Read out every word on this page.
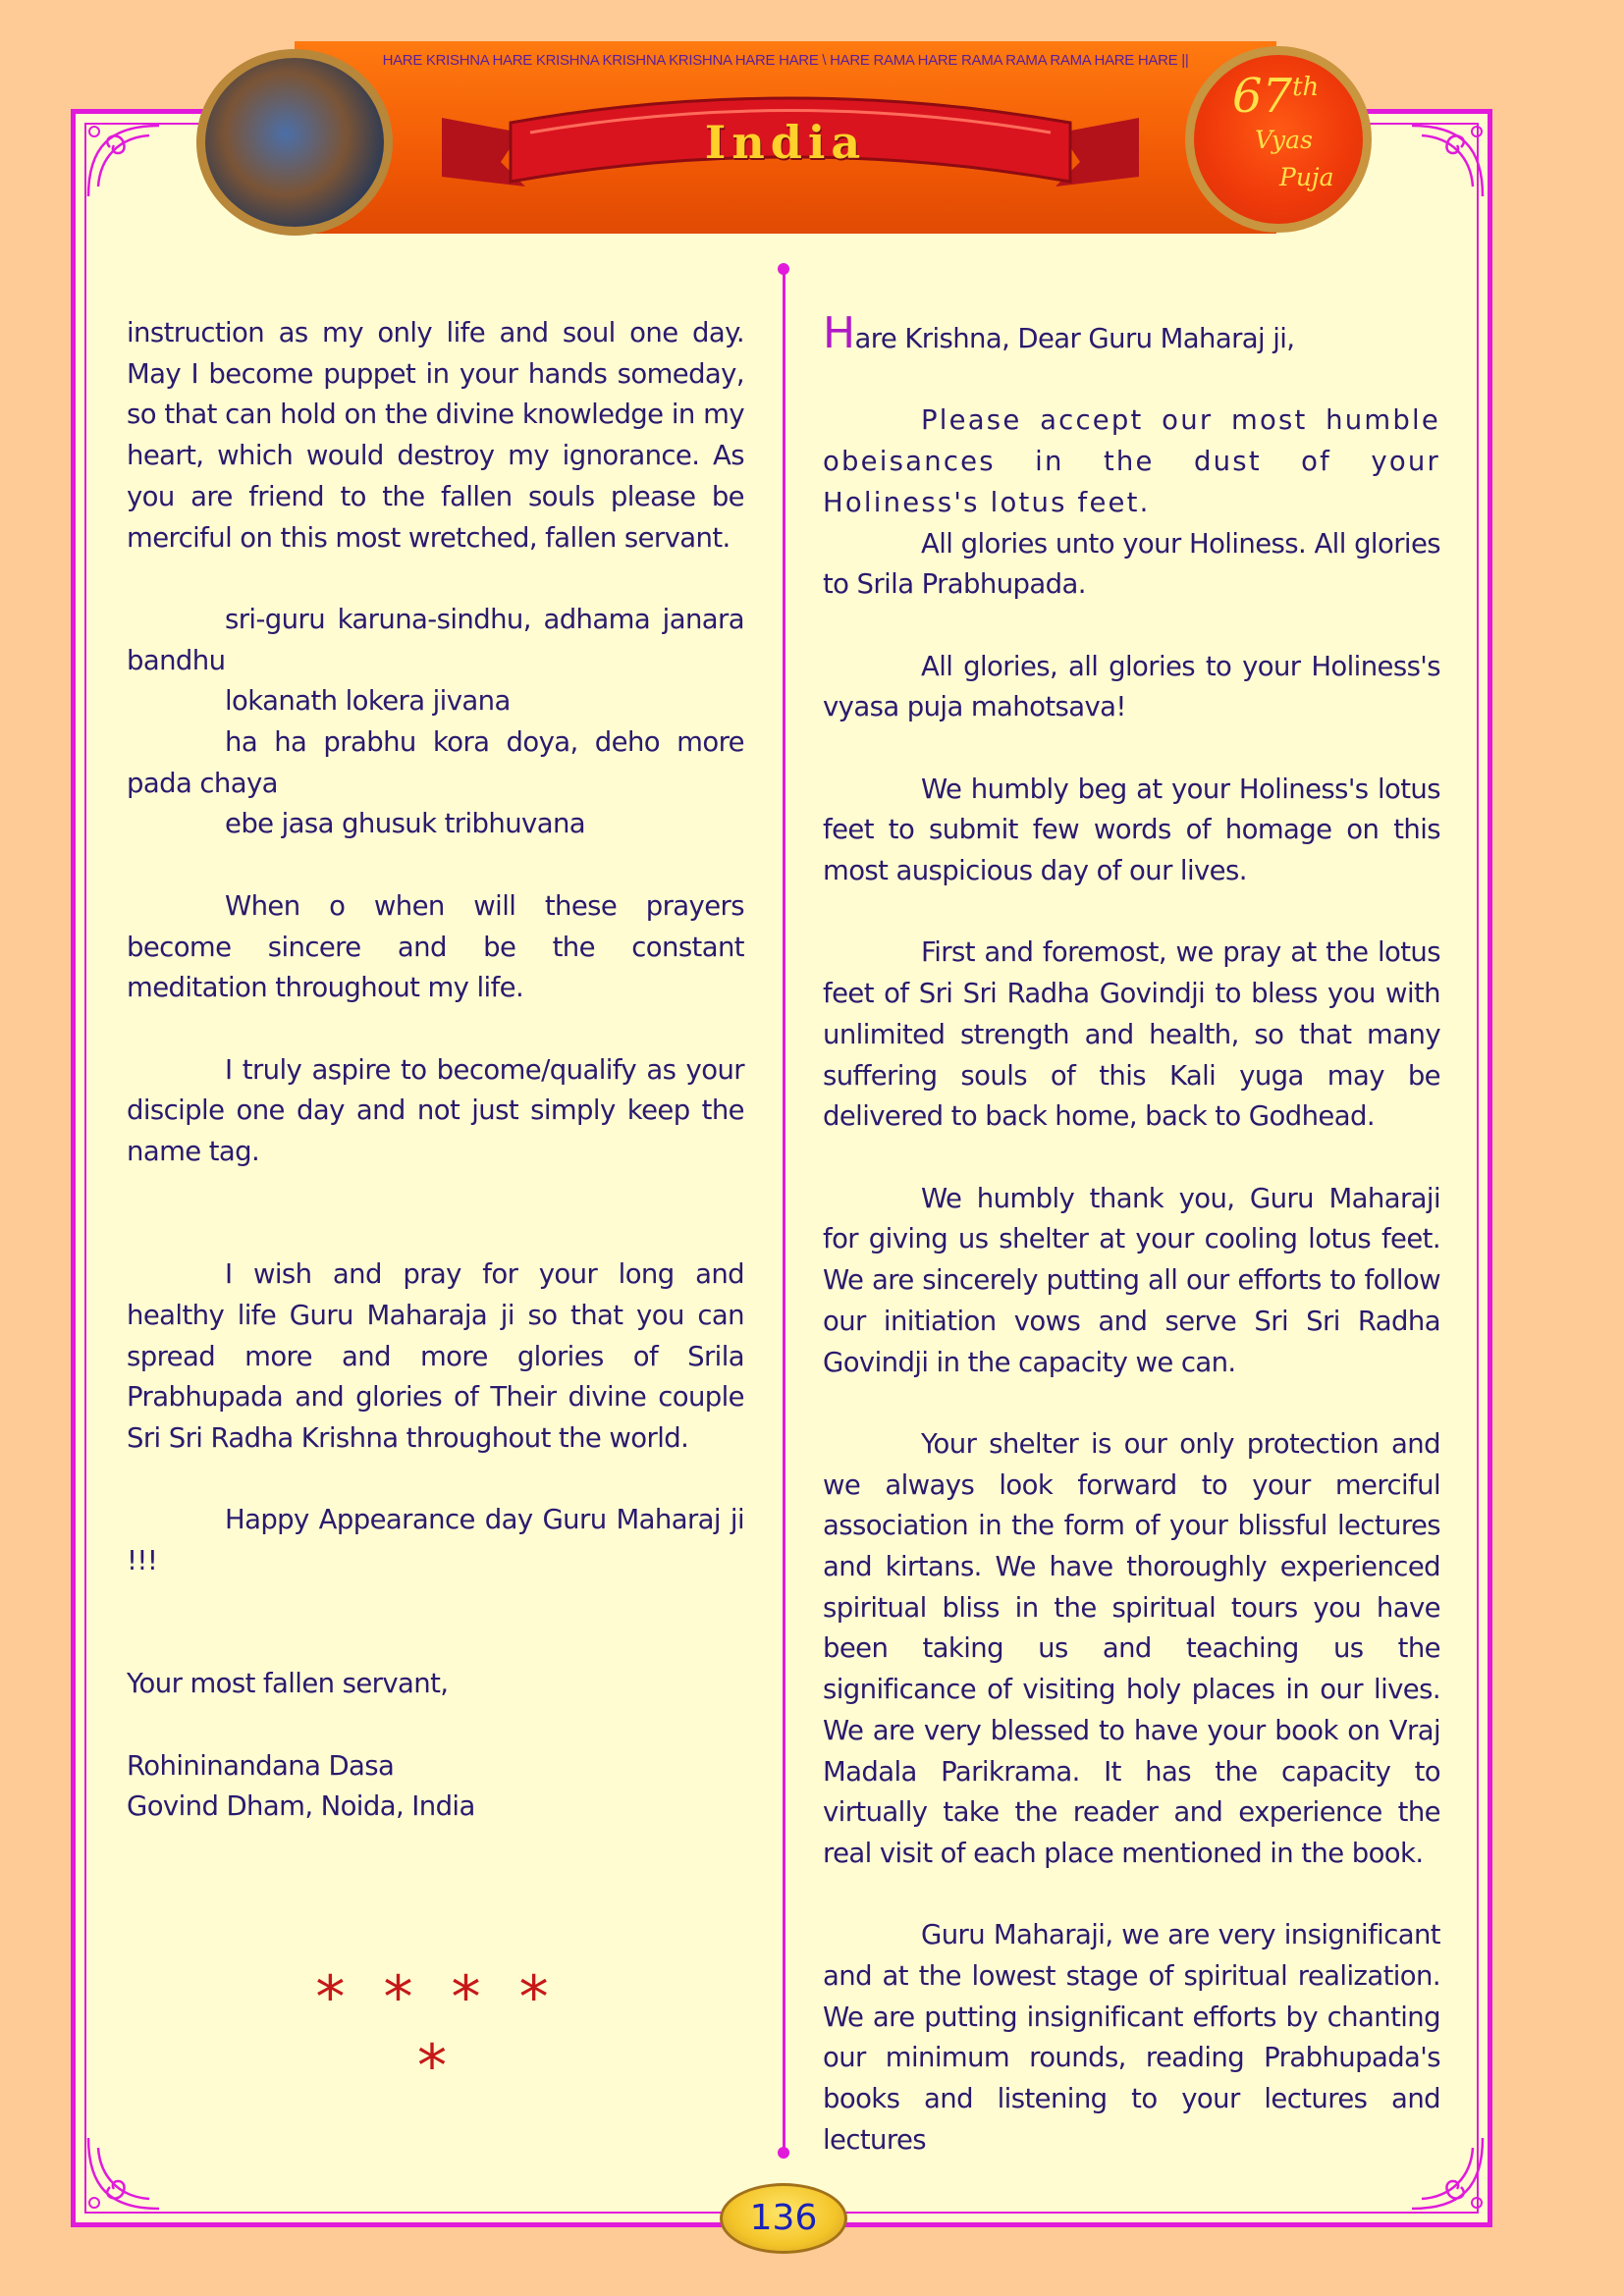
HARE KRISHNA HARE KRISHNA KRISHNA KRISHNA HARE HARE \ HARE RAMA HARE RAMA RAMA RAMA HARE HARE ||
India
67th
Vyas
Puja

instruction as my only life and soul one day. May I become puppet in your hands someday, so that can hold on the divine knowledge in my heart, which would destroy my ignorance. As you are friend to the fallen souls please be merciful on this most wretched, fallen servant.

sri-guru karuna-sindhu, adhama janara bandhu

lokanath lokera jivana

ha ha prabhu kora doya, deho more pada chaya

ebe jasa ghusuk tribhuvana

When o when will these prayers become sincere and be the constant meditation throughout my life.

I truly aspire to become/qualify as your disciple one day and not just simply keep the name tag.

I wish and pray for your long and healthy life Guru Maharaja ji so that you can spread more and more glories of Srila Prabhupada and glories of Their divine couple Sri Sri Radha Krishna throughout the world.

Happy Appearance day Guru Maharaj ji !!!

Your most fallen servant,

Rohininandana Dasa

Govind Dham, Noida, India

* * * * *

Hare Krishna, Dear Guru Maharaj ji,

Please accept our most humble obeisances in the dust of your Holiness's lotus feet.

All glories unto your Holiness. All glories to Srila Prabhupada.

All glories, all glories to your Holiness's vyasa puja mahotsava!

We humbly beg at your Holiness's lotus feet to submit few words of homage on this most auspicious day of our lives.

First and foremost, we pray at the lotus feet of Sri Sri Radha Govindji to bless you with unlimited strength and health, so that many suffering souls of this Kali yuga may be delivered to back home, back to Godhead.

We humbly thank you, Guru Maharaji for giving us shelter at your cooling lotus feet. We are sincerely putting all our efforts to follow our initiation vows and serve Sri Sri Radha Govindji in the capacity we can.

Your shelter is our only protection and we always look forward to your merciful association in the form of your blissful lectures and kirtans. We have thoroughly experienced spiritual bliss in the spiritual tours you have been taking us and teaching us the significance of visiting holy places in our lives. We are very blessed to have your book on Vraj Madala Parikrama. It has the capacity to virtually take the reader and experience the real visit of each place mentioned in the book.

Guru Maharaji, we are very insignificant and at the lowest stage of spiritual realization. We are putting insignificant efforts by chanting our minimum rounds, reading Prabhupada's books and listening to your lectures and lectures

136
